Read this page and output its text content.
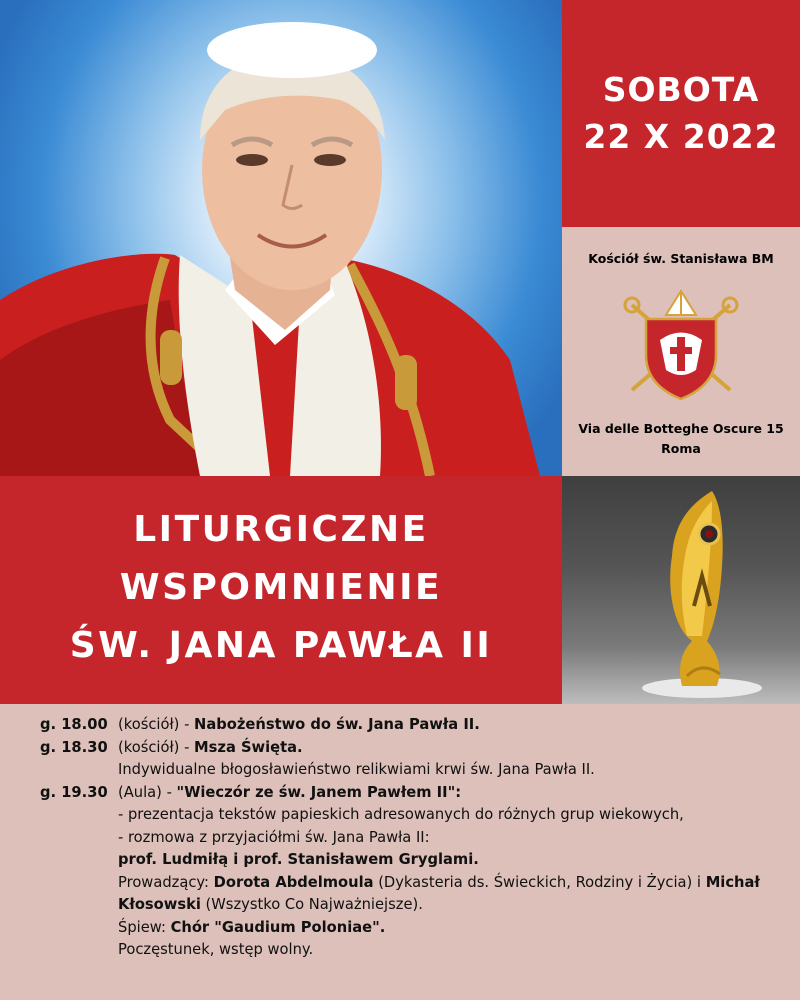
SOBOTA
22 X 2022
Kościół św. Stanisława BM
Via delle Botteghe Oscure 15
Roma
LITURGICZNE
WSPOMNIENIE
ŚW. JANA PAWŁA II
g. 18.00 (kościół) - Nabożeństwo do św. Jana Pawła II.
g. 18.30 (kościół) - Msza Święta.
Indywidualne błogosławieństwo relikwiami krwi św. Jana Pawła II.
g. 19.30 (Aula) - "Wieczór ze św. Janem Pawłem II":
- prezentacja tekstów papieskich adresowanych do różnych grup wiekowych,
- rozmowa z przyjaciółmi św. Jana Pawła II:
prof. Ludmiłą i prof. Stanisławem Gryglami.
Prowadzący: Dorota Abdelmoula (Dykasteria ds. Świeckich, Rodziny i Życia) i Michał Kłosowski (Wszystko Co Najważniejsze).
Śpiew: Chór "Gaudium Poloniae".
Poczęstunek, wstęp wolny.
